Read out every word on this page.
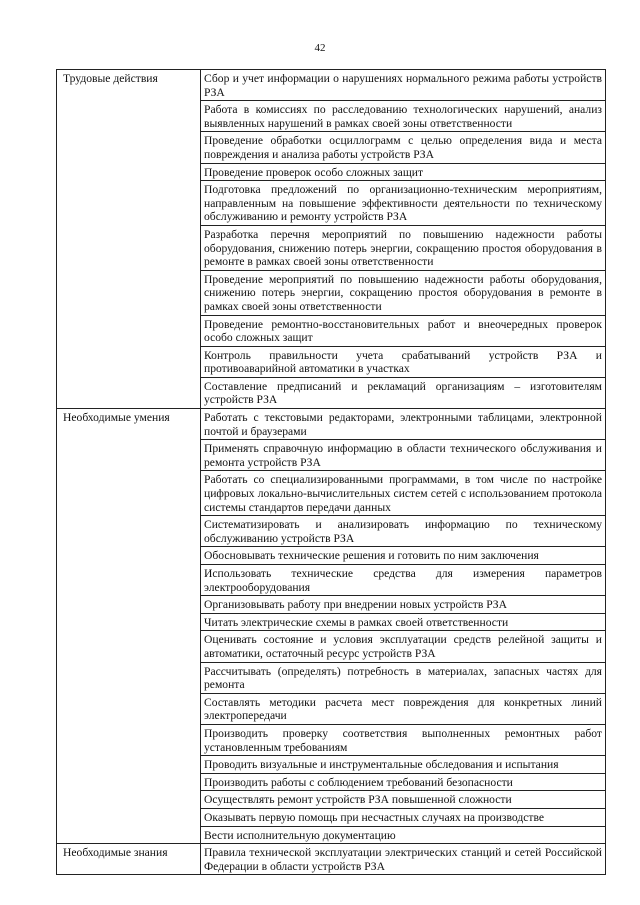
42
Трудовые действия	Сбор и учет информации о нарушениях нормального режима работы устройств РЗА
	Работа в комиссиях по расследованию технологических нарушений, анализ выявленных нарушений в рамках своей зоны ответственности
	Проведение обработки осциллограмм с целью определения вида и места повреждения и анализа работы устройств РЗА
	Проведение проверок особо сложных защит
	Подготовка предложений по организационно-техническим мероприятиям, направленным на повышение эффективности деятельности по техническому обслуживанию и ремонту устройств РЗА
	Разработка перечня мероприятий по повышению надежности работы оборудования, снижению потерь энергии, сокращению простоя оборудования в ремонте в рамках своей зоны ответственности
	Проведение мероприятий по повышению надежности работы оборудования, снижению потерь энергии, сокращению простоя оборудования в ремонте в рамках своей зоны ответственности
	Проведение ремонтно-восстановительных работ и внеочередных проверок особо сложных защит
	Контроль правильности учета срабатываний устройств РЗА и противоаварийной автоматики в участках
	Составление предписаний и рекламаций организациям – изготовителям устройств РЗА

Необходимые умения	Работать с текстовыми редакторами, электронными таблицами, электронной почтой и браузерами
	Применять справочную информацию в области технического обслуживания и ремонта устройств РЗА
	Работать со специализированными программами, в том числе по настройке цифровых локально-вычислительных систем сетей с использованием протокола системы стандартов передачи данных
	Систематизировать и анализировать информацию по техническому обслуживанию устройств РЗА
	Обосновывать технические решения и готовить по ним заключения
	Использовать технические средства для измерения параметров электрооборудования
	Организовывать работу при внедрении новых устройств РЗА
	Читать электрические схемы в рамках своей ответственности
	Оценивать состояние и условия эксплуатации средств релейной защиты и автоматики, остаточный ресурс устройств РЗА
	Рассчитывать (определять) потребность в материалах, запасных частях для ремонта
	Составлять методики расчета мест повреждения для конкретных линий электропередачи
	Производить проверку соответствия выполненных ремонтных работ установленным требованиям
	Проводить визуальные и инструментальные обследования и испытания
	Производить работы с соблюдением требований безопасности
	Осуществлять ремонт устройств РЗА повышенной сложности
	Оказывать первую помощь при несчастных случаях на производстве
	Вести исполнительную документацию

Необходимые знания	Правила технической эксплуатации электрических станций и сетей Российской Федерации в области устройств РЗА
